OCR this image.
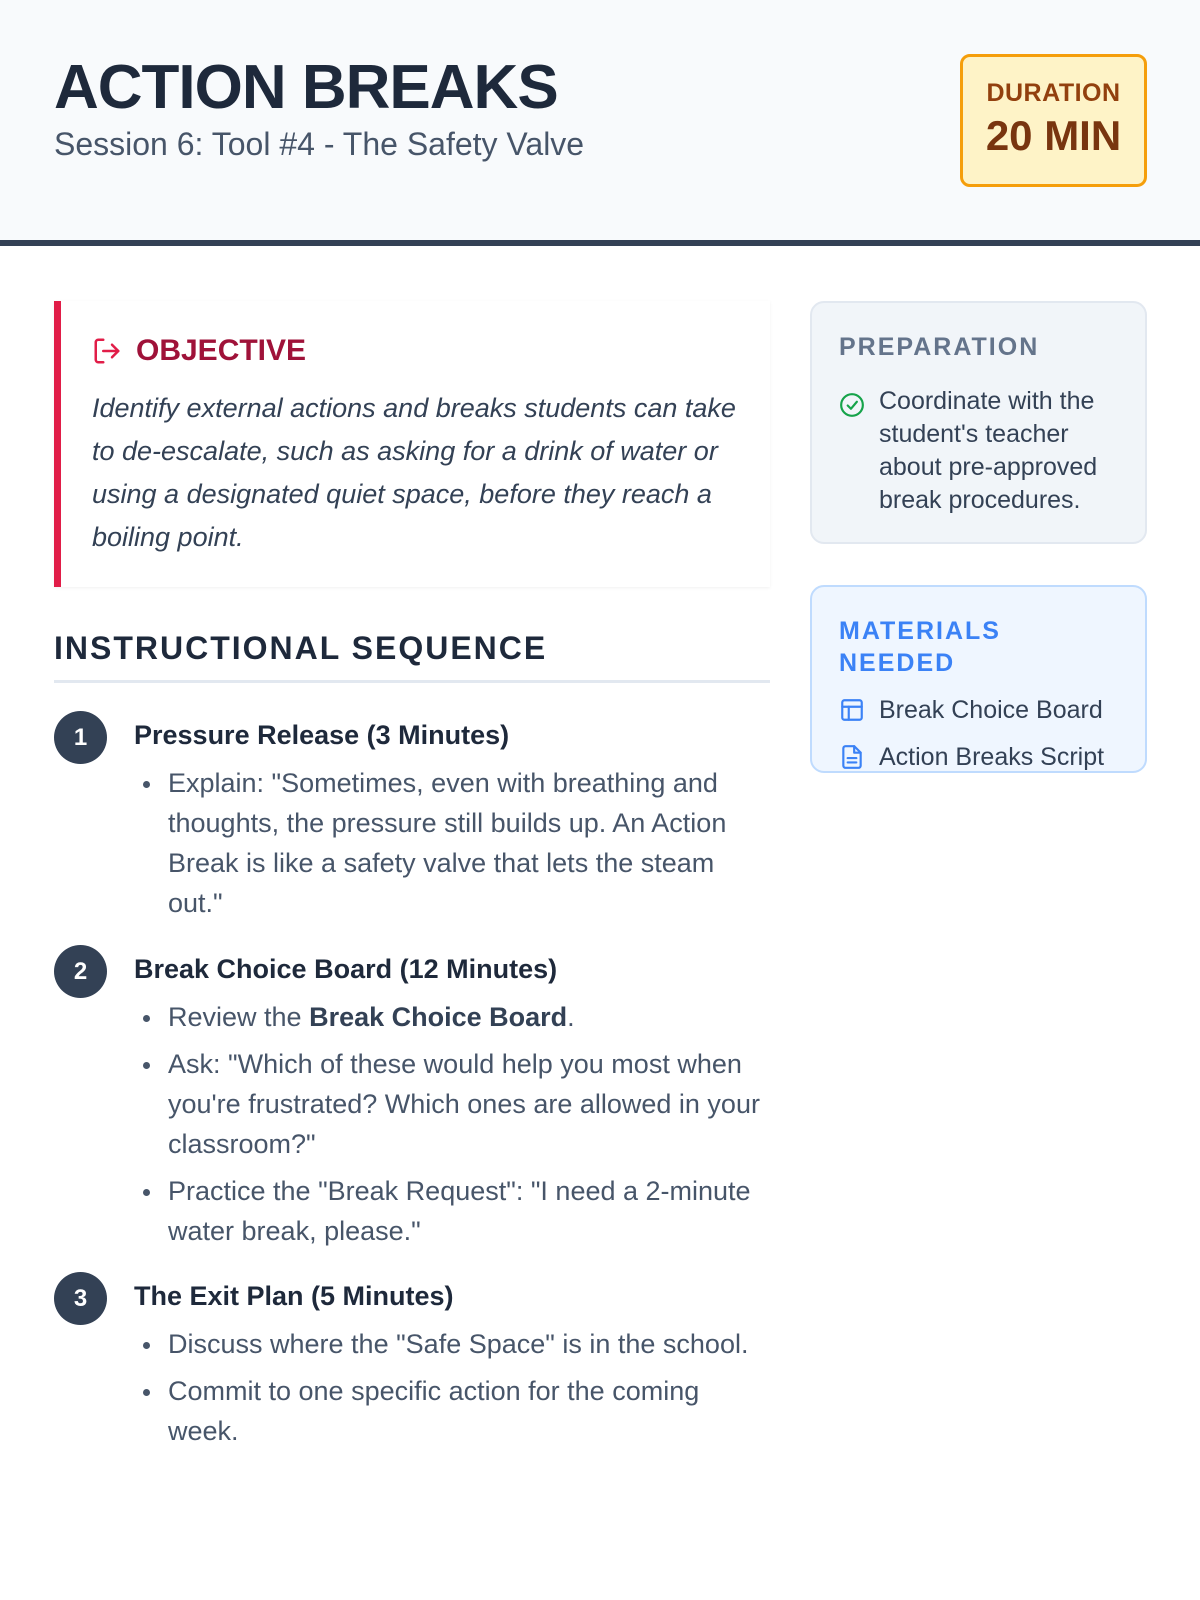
ACTION BREAKS
Session 6: Tool #4 - The Safety Valve
DURATION
20 MIN
OBJECTIVE

Identify external actions and breaks students can take to de-escalate, such as asking for a drink of water or using a designated quiet space, before they reach a boiling point.

INSTRUCTIONAL SEQUENCE
1	Pressure Release (3 Minutes)
Explain: "Sometimes, even with breathing and thoughts, the pressure still builds up. An Action Break is like a safety valve that lets the steam out."
2	Break Choice Board (12 Minutes)
Review the Break Choice Board.
Ask: "Which of these would help you most when you're frustrated? Which ones are allowed in your classroom?"
Practice the "Break Request": "I need a 2-minute water break, please."
3	The Exit Plan (5 Minutes)
Discuss where the "Safe Space" is in the school.
Commit to one specific action for the coming week.
PREPARATION
Coordinate with the student's teacher about pre-approved break procedures.
MATERIALS NEEDED
Break Choice Board
Action Breaks Script
